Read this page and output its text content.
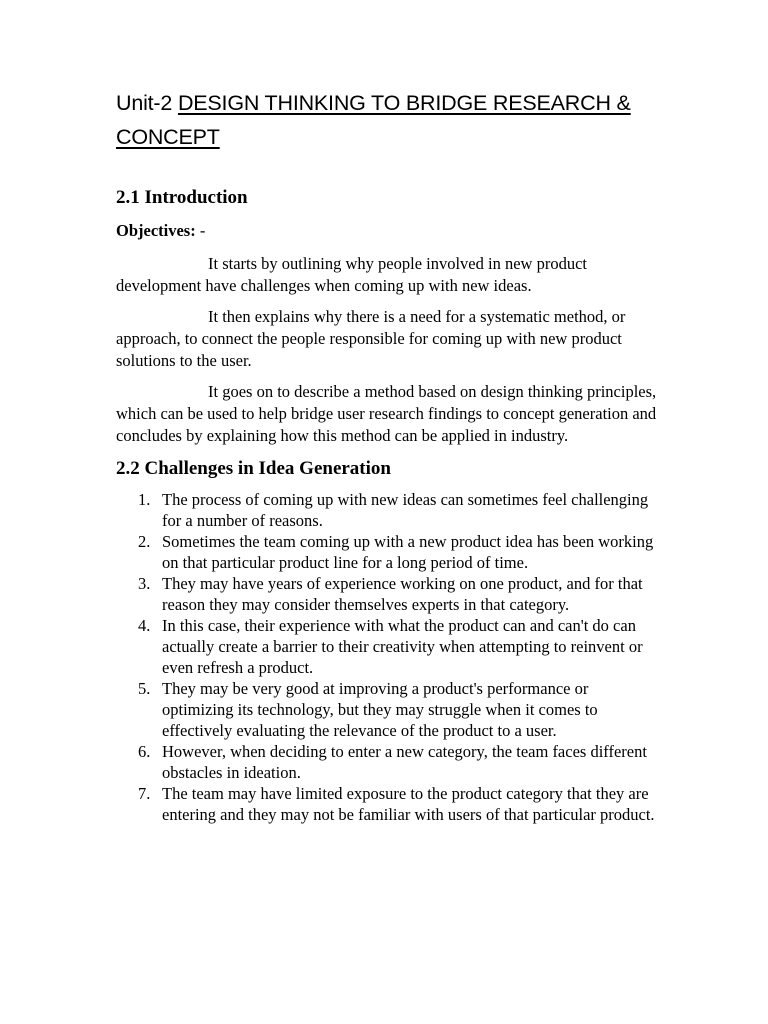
Unit-2 DESIGN THINKING TO BRIDGE RESEARCH & CONCEPT
2.1 Introduction

Objectives: -

It starts by outlining why people involved in new product development have challenges when coming up with new ideas.

It then explains why there is a need for a systematic method, or approach, to connect the people responsible for coming up with new product solutions to the user.

It goes on to describe a method based on design thinking principles, which can be used to help bridge user research findings to concept generation and concludes by explaining how this method can be applied in industry.

2.2 Challenges in Idea Generation
1. The process of coming up with new ideas can sometimes feel challenging for a number of reasons.
2. Sometimes the team coming up with a new product idea has been working on that particular product line for a long period of time.
3. They may have years of experience working on one product, and for that reason they may consider themselves experts in that category.
4. In this case, their experience with what the product can and can't do can actually create a barrier to their creativity when attempting to reinvent or even refresh a product.
5. They may be very good at improving a product's performance or optimizing its technology, but they may struggle when it comes to effectively evaluating the relevance of the product to a user.
6. However, when deciding to enter a new category, the team faces different obstacles in ideation.
7. The team may have limited exposure to the product category that they are entering and they may not be familiar with users of that particular product.
